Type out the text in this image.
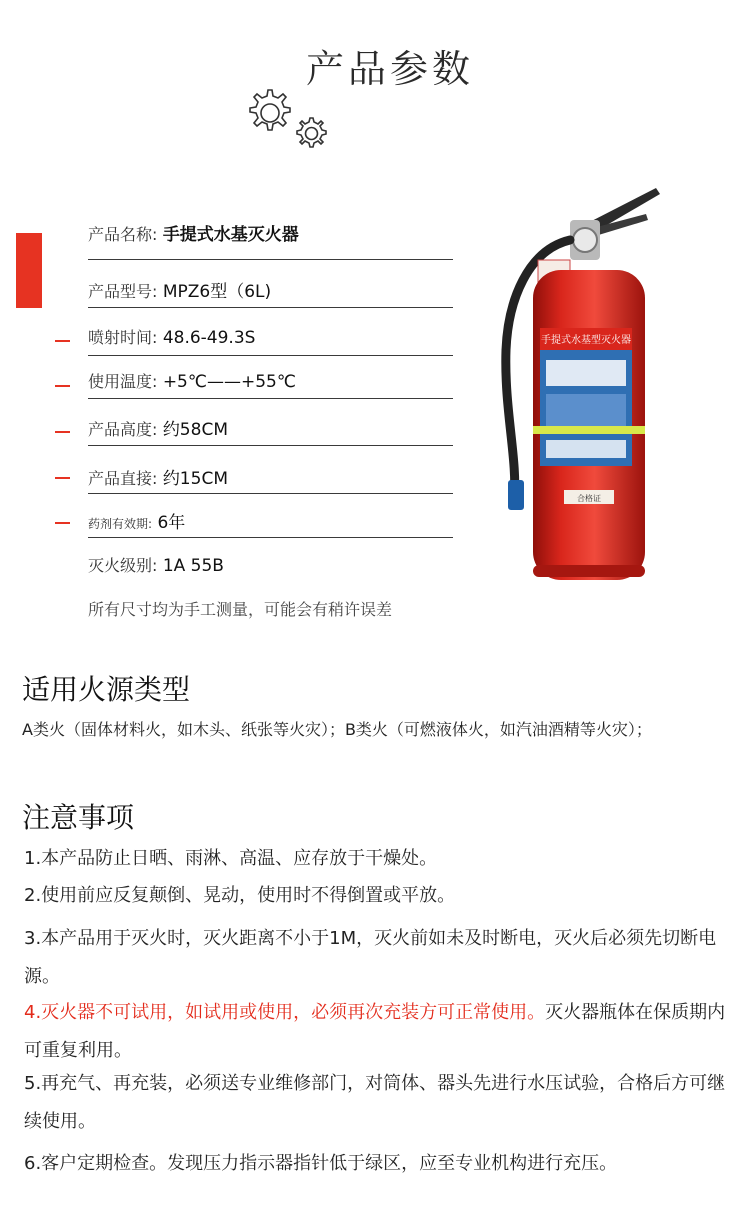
产品参数
产品名称: 手提式水基灭火器
产品型号: MPZ6型（6L)
喷射时间: 48.6-49.3S
使用温度: +5℃——+55℃
产品高度: 约58CM
产品直接: 约15CM
药剂有效期: 6年
灭火级别: 1A 55B
所有尺寸均为手工测量，可能会有稍许误差
手提式水基型灭火器
合格证
适用火源类型
A类火（固体材料火，如木头、纸张等火灾）；B类火（可燃液体火，如汽油酒精等火灾）；
注意事项
1.本产品防止日晒、雨淋、高温、应存放于干燥处。
2.使用前应反复颠倒、晃动，使用时不得倒置或平放。
3.本产品用于灭火时，灭火距离不小于1M，灭火前如未及时断电，灭火后必须先切断电源。
4.灭火器不可试用，如试用或使用，必须再次充装方可正常使用。灭火器瓶体在保质期内可重复利用。
5.再充气、再充装，必须送专业维修部门，对筒体、器头先进行水压试验，合格后方可继续使用。
6.客户定期检查。发现压力指示器指针低于绿区，应至专业机构进行充压。
